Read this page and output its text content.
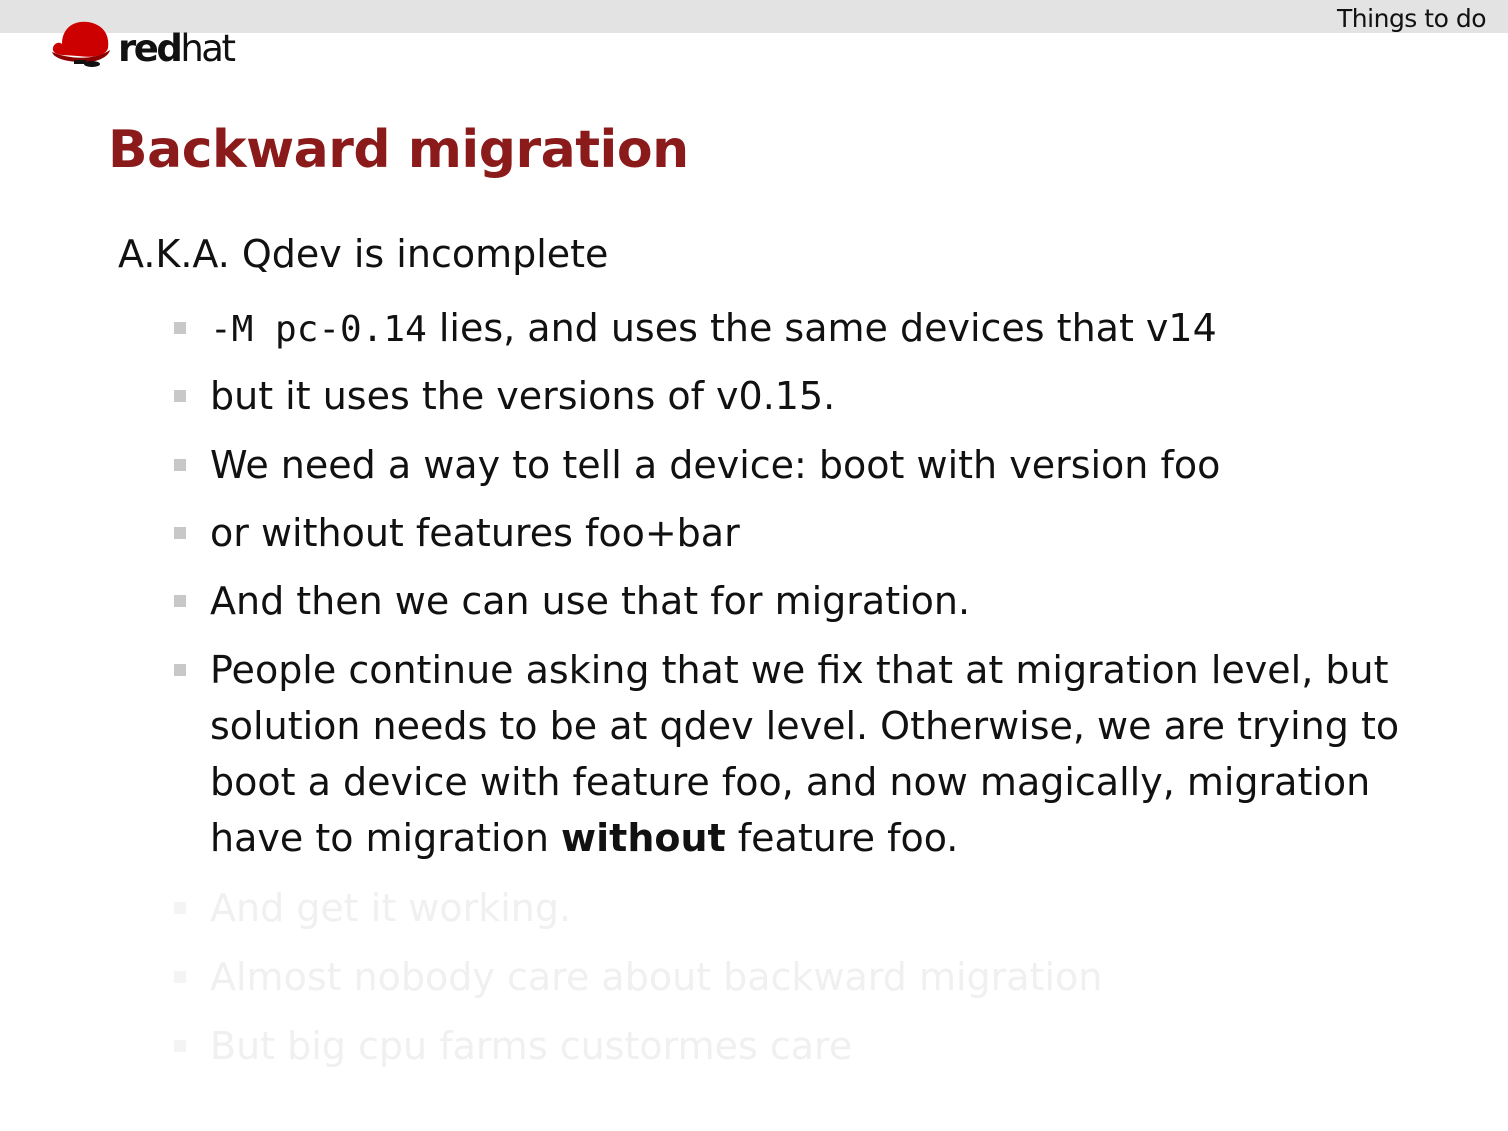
Things to do
redhat
Backward migration
A.K.A. Qdev is incomplete
-M pc-0.14 lies, and uses the same devices that v14
but it uses the versions of v0.15.
We need a way to tell a device: boot with version foo
or without features foo+bar
And then we can use that for migration.
People continue asking that we fix that at migration level, but solution needs to be at qdev level. Otherwise, we are trying to boot a device with feature foo, and now magically, migration have to migration without feature foo.
And get it working.
Almost nobody care about backward migration
But big cpu farms custormes care
